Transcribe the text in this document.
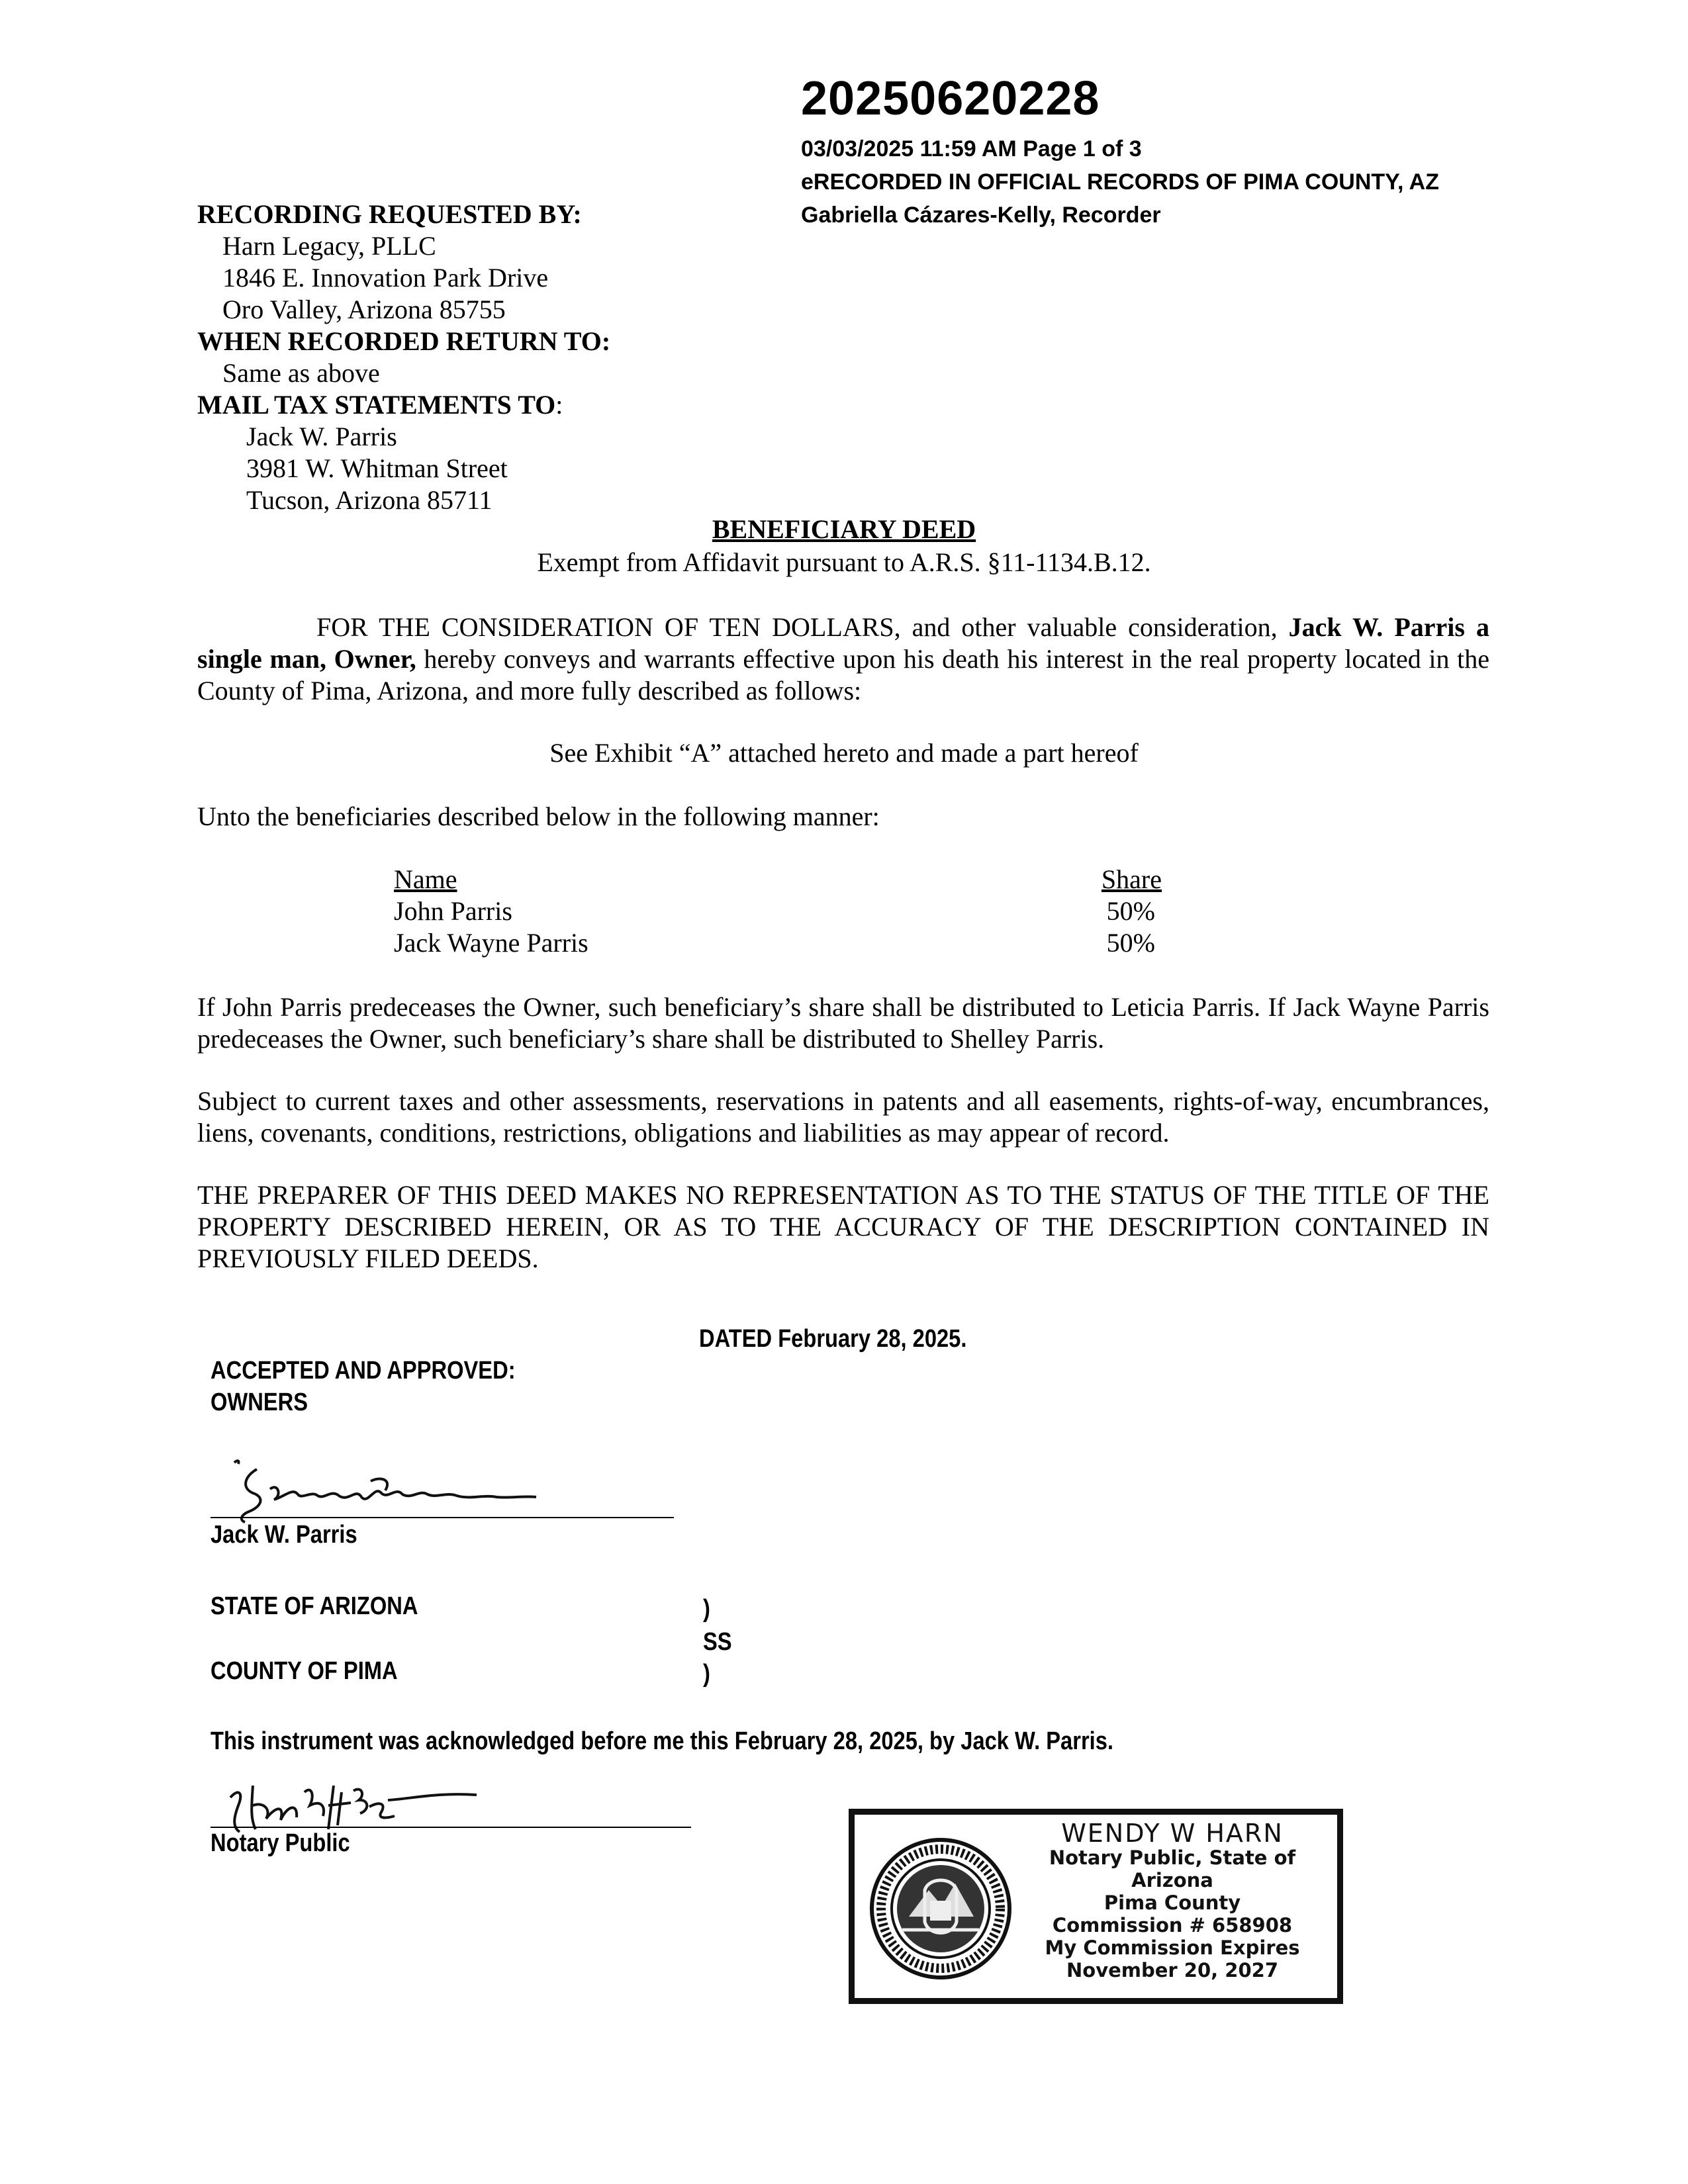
20250620228
03/03/2025 11:59 AM Page 1 of 3
eRECORDED IN OFFICIAL RECORDS OF PIMA COUNTY, AZ
Gabriella Cázares-Kelly, Recorder
RECORDING REQUESTED BY:
Harn Legacy, PLLC
1846 E. Innovation Park Drive
Oro Valley, Arizona 85755
WHEN RECORDED RETURN TO:
Same as above
MAIL TAX STATEMENTS TO:
Jack W. Parris
3981 W. Whitman Street
Tucson, Arizona 85711
BENEFICIARY DEED
Exempt from Affidavit pursuant to A.R.S. §11-1134.B.12.
FOR THE CONSIDERATION OF TEN DOLLARS, and other valuable consideration, Jack W. Parris a single man, Owner, hereby conveys and warrants effective upon his death his interest in the real property located in the County of Pima, Arizona, and more fully described as follows:
See Exhibit “A” attached hereto and made a part hereof
Unto the beneficiaries described below in the following manner:
Name	Share
John Parris	50%
Jack Wayne Parris	50%
If John Parris predeceases the Owner, such beneficiary’s share shall be distributed to Leticia Parris. If Jack Wayne Parris predeceases the Owner, such beneficiary’s share shall be distributed to Shelley Parris.
Subject to current taxes and other assessments, reservations in patents and all easements, rights-of-way, encumbrances, liens, covenants, conditions, restrictions, obligations and liabilities as may appear of record.
THE PREPARER OF THIS DEED MAKES NO REPRESENTATION AS TO THE STATUS OF THE TITLE OF THE PROPERTY DESCRIBED HEREIN, OR AS TO THE ACCURACY OF THE DESCRIPTION CONTAINED IN PREVIOUSLY FILED DEEDS.
DATED February 28, 2025.
ACCEPTED AND APPROVED:
OWNERS
Jack W. Parris
STATE OF ARIZONA	)
SS
COUNTY OF PIMA	)
This instrument was acknowledged before me this February 28, 2025, by Jack W. Parris.
Notary Public	WENDY W HARN
Notary Public, State of Arizona
Pima County
Commission # 658908
My Commission Expires
November 20, 2027
